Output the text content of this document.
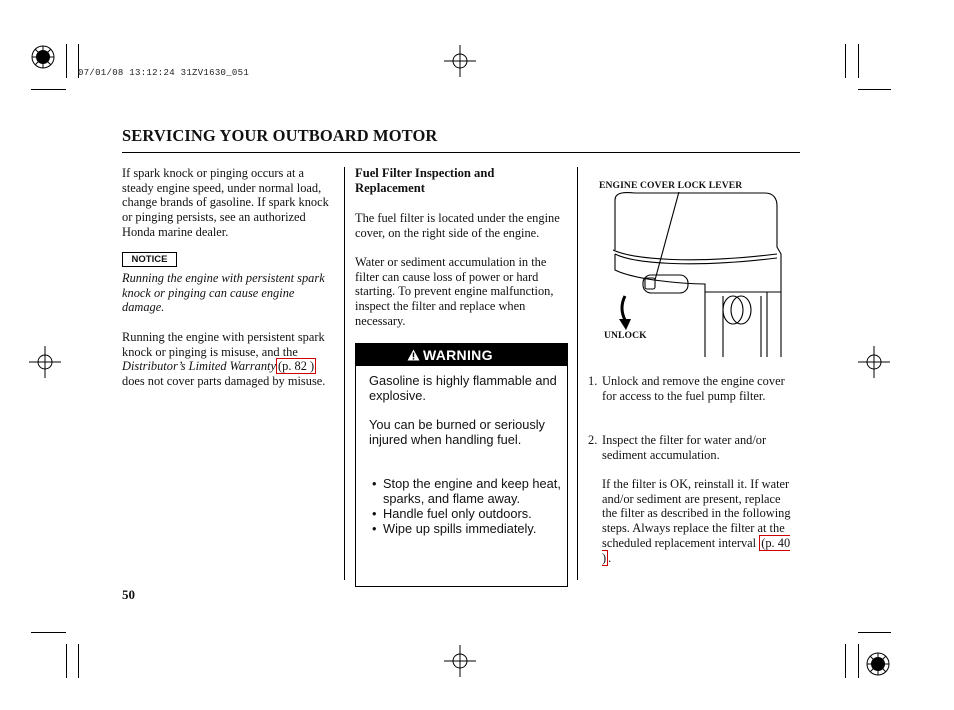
07/01/08 13:12:24 31ZV1630_051
SERVICING YOUR OUTBOARD MOTOR
If spark knock or pinging occurs at a steady engine speed, under normal load, change brands of gasoline. If spark knock or pinging persists, see an authorized Honda marine dealer.
NOTICE
Running the engine with persistent spark knock or pinging can cause engine damage.
Running the engine with persistent spark knock or pinging is misuse, and the Distributor’s Limited Warranty (p. 82 ) does not cover parts damaged by misuse.
Fuel Filter Inspection and Replacement
The fuel filter is located under the engine cover, on the right side of the engine.
Water or sediment accumulation in the filter can cause loss of power or hard starting. To prevent engine malfunction, inspect the filter and replace when necessary.
WARNING
Gasoline is highly flammable and explosive.
You can be burned or seriously injured when handling fuel.
• Stop the engine and keep heat, sparks, and flame away.
• Handle fuel only outdoors.
• Wipe up spills immediately.
ENGINE COVER LOCK LEVER
UNLOCK
1. Unlock and remove the engine cover for access to the fuel pump filter.
2. Inspect the filter for water and/or sediment accumulation.
If the filter is OK, reinstall it. If water and/or sediment are present, replace the filter as described in the following steps. Always replace the filter at the scheduled replacement interval (p. 40 ) .
50
